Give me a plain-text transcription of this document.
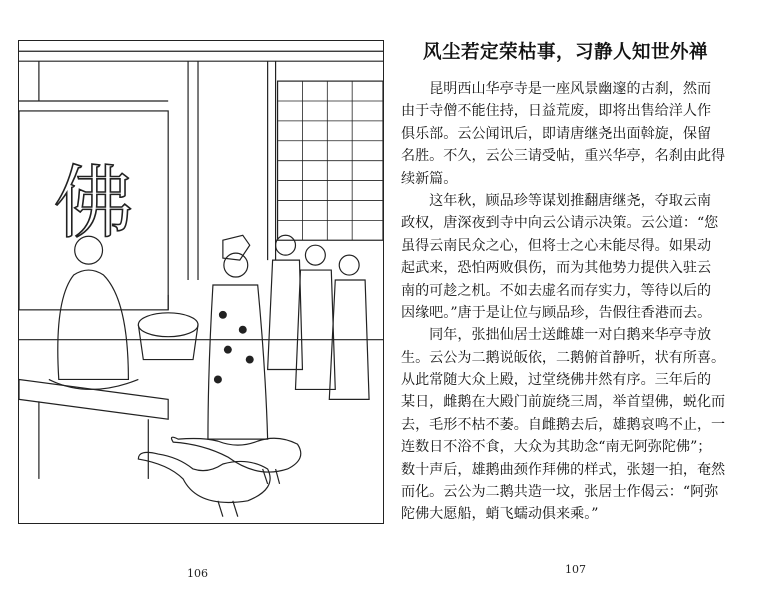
佛
106
风尘若定荣枯事，习静人知世外禅
　　昆明西山华亭寺是一座风景幽邃的古刹，然而
由于寺僧不能住持，日益荒废，即将出售给洋人作
俱乐部。云公闻讯后，即请唐继尧出面斡旋，保留
名胜。不久，云公三请受帖，重兴华亭，名刹由此得
续新篇。
　　这年秋，顾品珍等谋划推翻唐继尧，夺取云南
政权，唐深夜到寺中向云公请示决策。云公道：“您
虽得云南民众之心，但将士之心未能尽得。如果动
起武来，恐怕两败俱伤，而为其他势力提供入驻云
南的可趁之机。不如去虚名而存实力，等待以后的
因缘吧。”唐于是让位与顾品珍，告假往香港而去。
　　同年，张拙仙居士送雌雄一对白鹅来华亭寺放
生。云公为二鹅说皈依，二鹅俯首静听，状有所喜。
从此常随大众上殿，过堂绕佛井然有序。三年后的
某日，雌鹅在大殿门前旋绕三周，举首望佛，蜕化而
去，毛形不枯不萎。自雌鹅去后，雄鹅哀鸣不止，一
连数日不浴不食，大众为其助念“南无阿弥陀佛”；
数十声后，雄鹅曲颈作拜佛的样式，张翅一拍，奄然
而化。云公为二鹅共造一坟，张居士作偈云：“阿弥
陀佛大愿船，蛸飞蠕动俱来乘。”
107
